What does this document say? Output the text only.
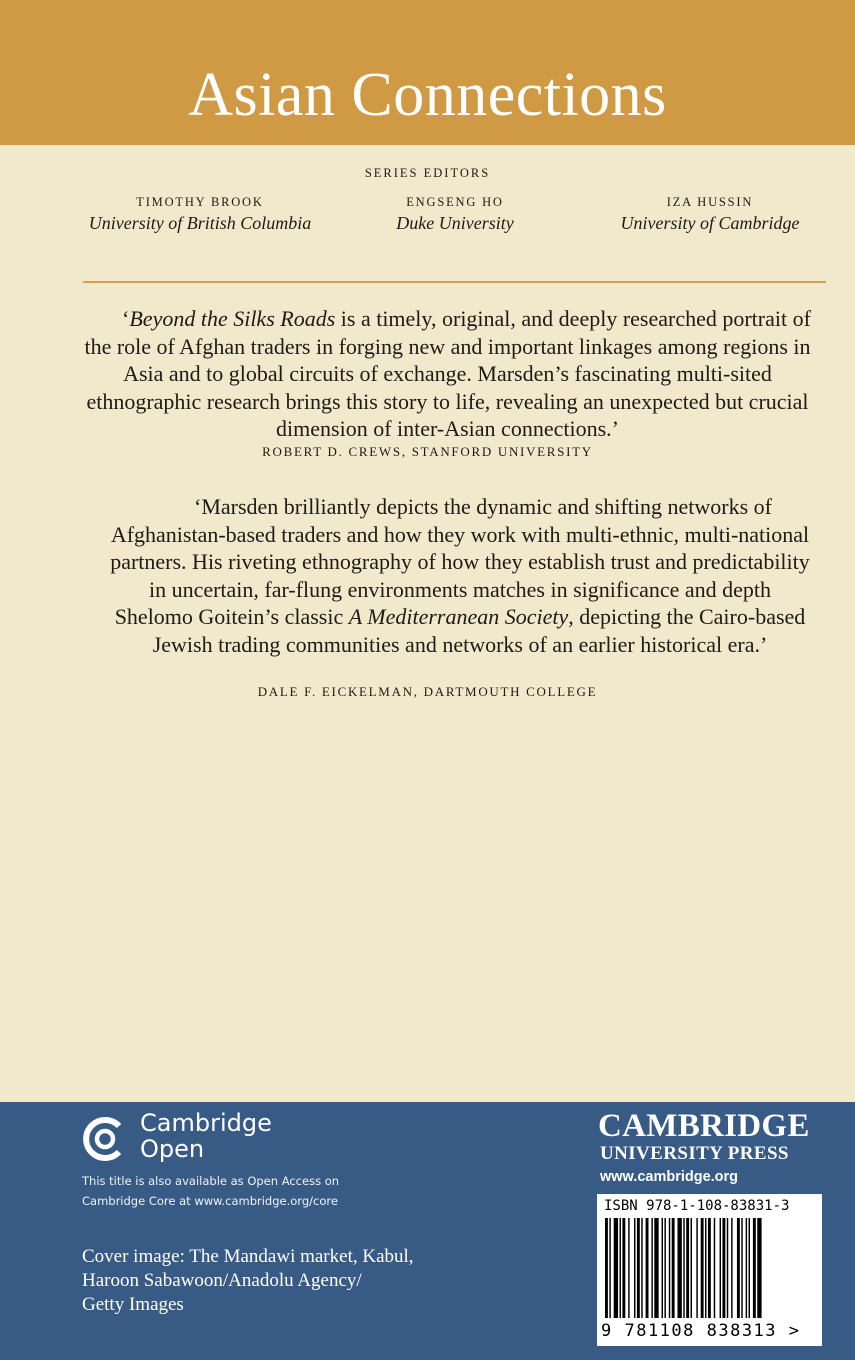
Asian Connections
SERIES EDITORS
TIMOTHY BROOK
University of British Columbia
ENGSENG HO
Duke University
IZA HUSSIN
University of Cambridge

‘Beyond the Silks Roads is a timely, original, and deeply researched portrait of the role of Afghan traders in forging new and important linkages among regions in Asia and to global circuits of exchange. Marsden’s fascinating multi-sited ethnographic research brings this story to life, revealing an unexpected but crucial dimension of inter-Asian connections.’

ROBERT D. CREWS, STANFORD UNIVERSITY

‘Marsden brilliantly depicts the dynamic and shifting networks of Afghanistan-based traders and how they work with multi-ethnic, multi-national partners. His riveting ethnography of how they establish trust and predictability in uncertain, far-flung environments matches in significance and depth Shelomo Goitein’s classic A Mediterranean Society, depicting the Cairo-based Jewish trading communities and networks of an earlier historical era.’

DALE F. EICKELMAN, DARTMOUTH COLLEGE
Cambridge
Open
This title is also available as Open Access on
Cambridge Core at www.cambridge.org/core
Cover image: The Mandawi market, Kabul,
Haroon Sabawoon/Anadolu Agency/
Getty Images
CAMBRIDGE
UNIVERSITY PRESS
www.cambridge.org
ISBN 978-1-108-83831-3
9 781108 838313 >
